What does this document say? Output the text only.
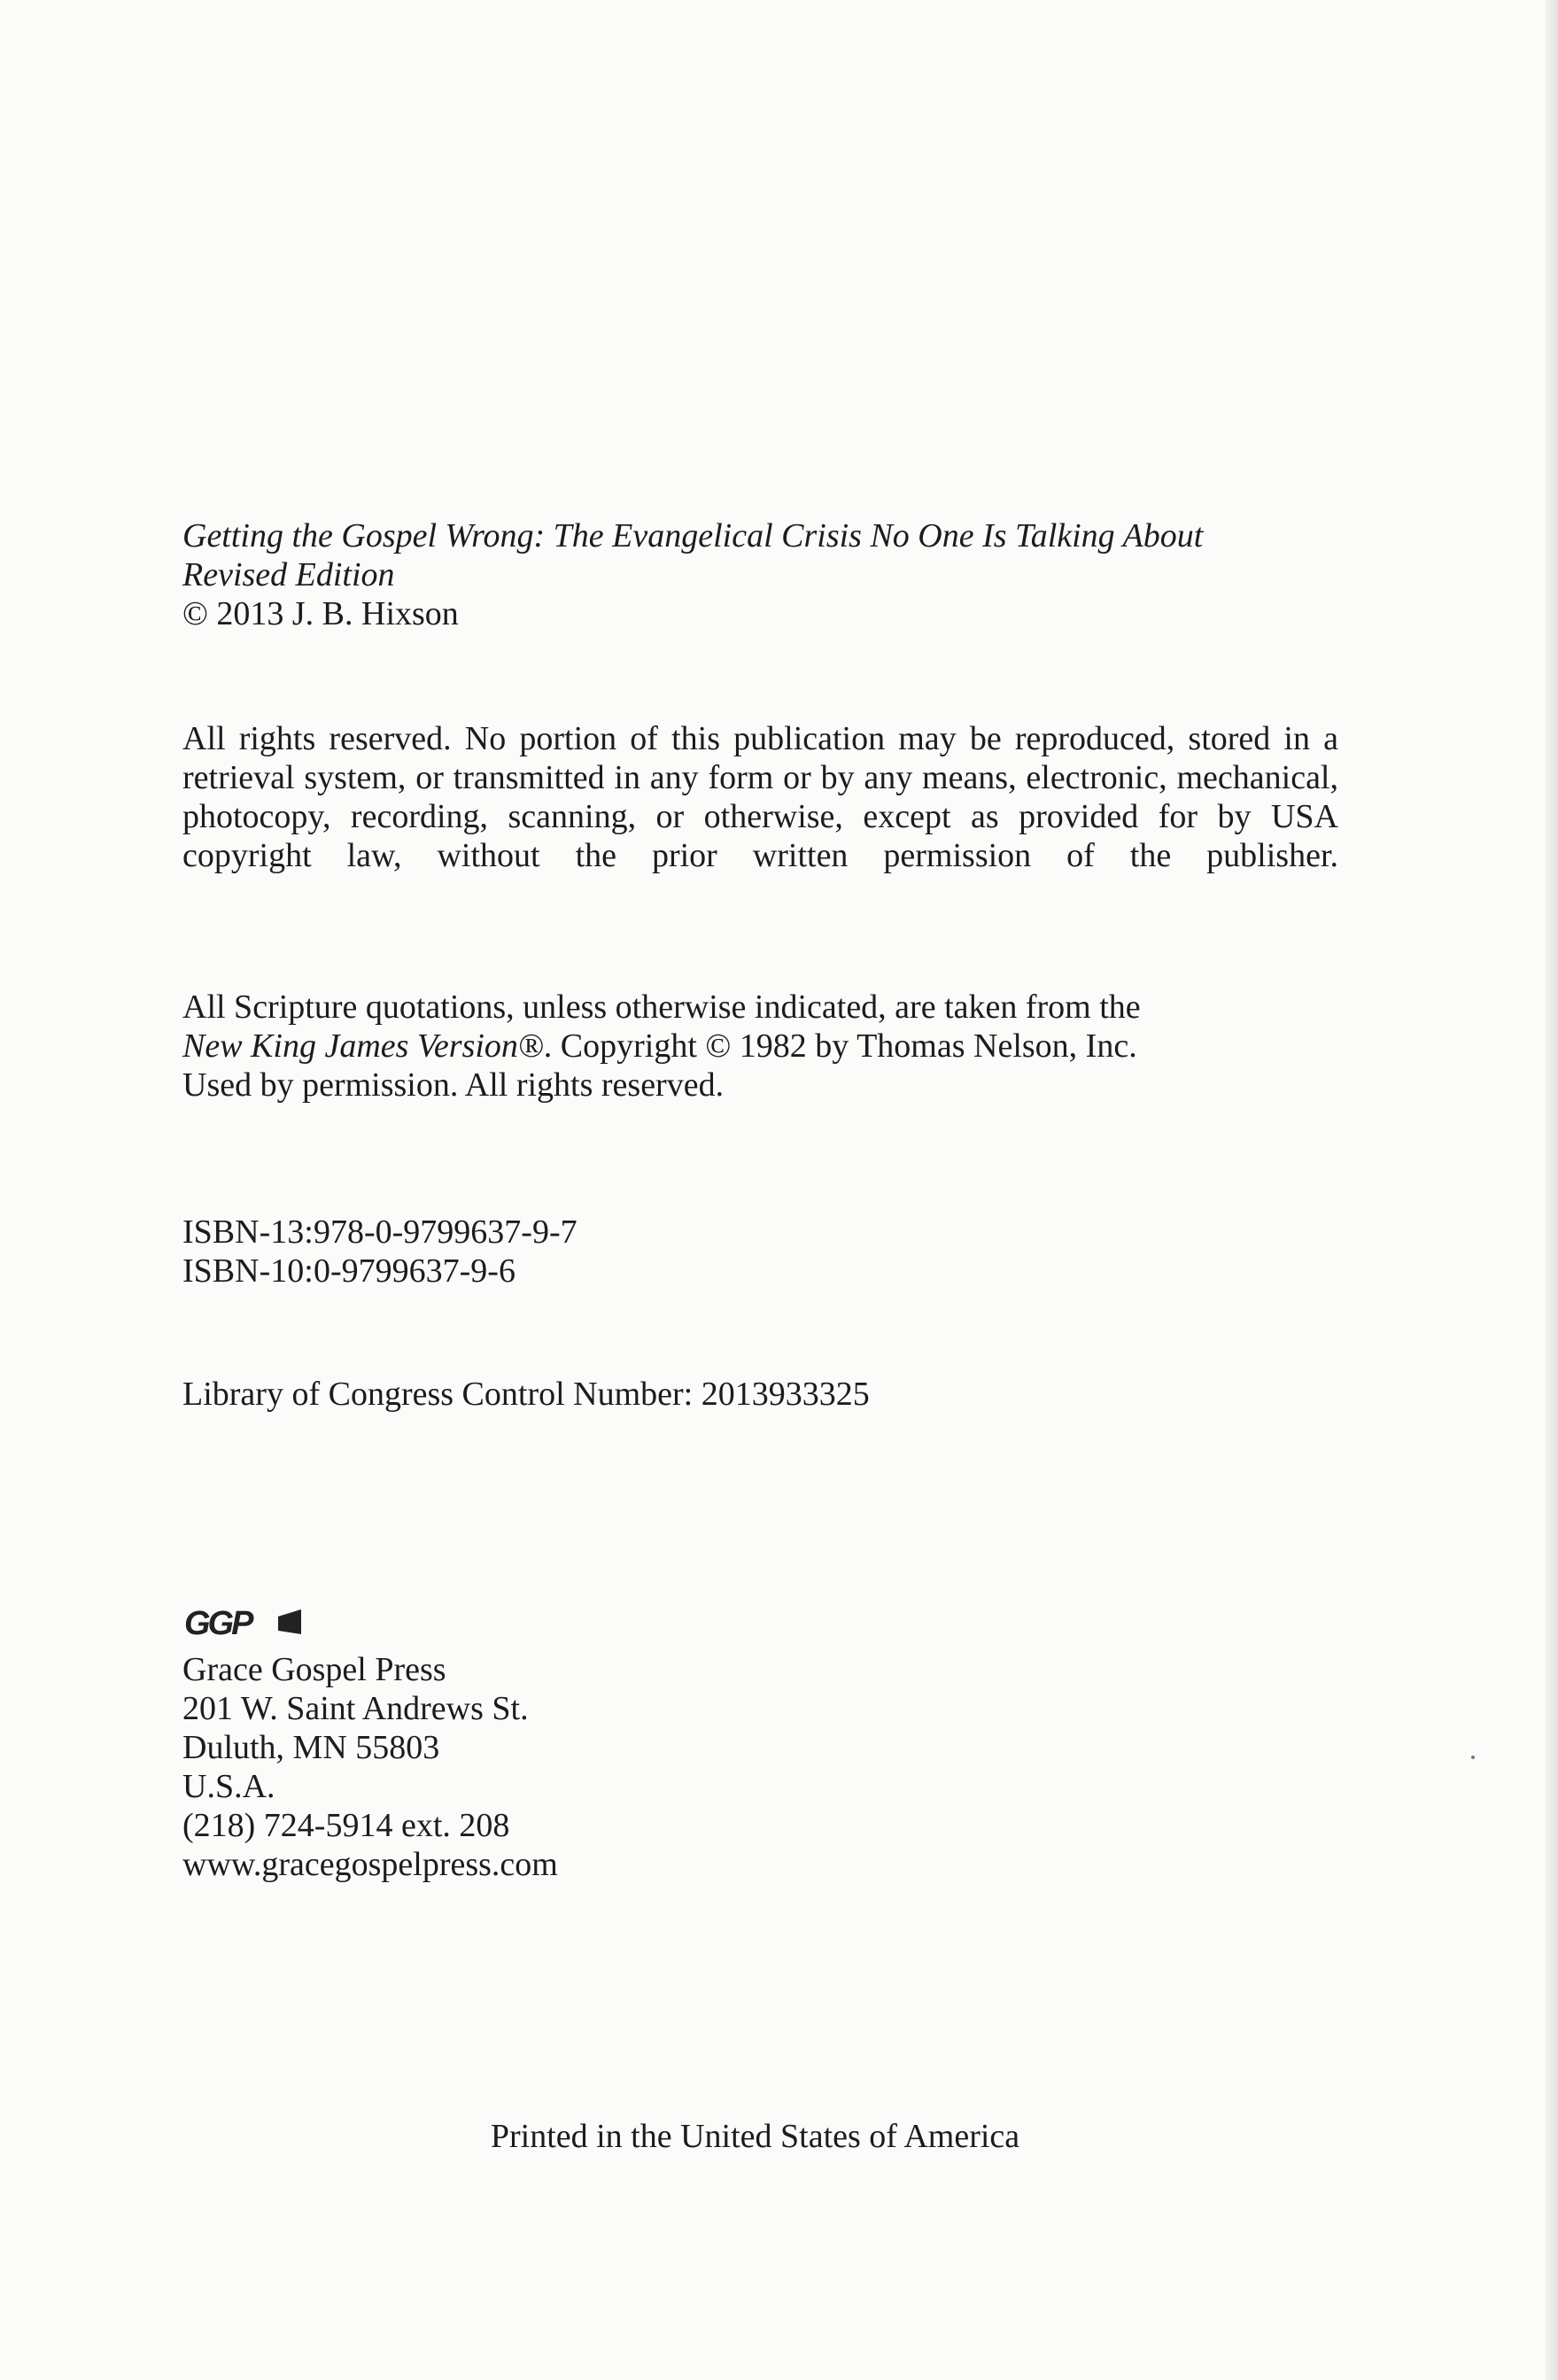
Getting the Gospel Wrong: The Evangelical Crisis No One Is Talking About

Revised Edition

© 2013 J. B. Hixson

All rights reserved. No portion of this publication may be reproduced, stored in a retrieval system, or transmitted in any form or by any means, electronic, mechanical, photocopy, recording, scanning, or otherwise, except as provided for by USA copyright law, without the prior written permission of the publisher.

All Scripture quotations, unless otherwise indicated, are taken from the

New King James Version®. Copyright © 1982 by Thomas Nelson, Inc.

Used by permission. All rights reserved.

ISBN-13:978-0-9799637-9-7

ISBN-10:0-9799637-9-6

Library of Congress Control Number: 2013933325

GGP

Grace Gospel Press

201 W. Saint Andrews St.

Duluth, MN 55803

U.S.A.

(218) 724-5914 ext. 208

www.gracegospelpress.com

Printed in the United States of America
